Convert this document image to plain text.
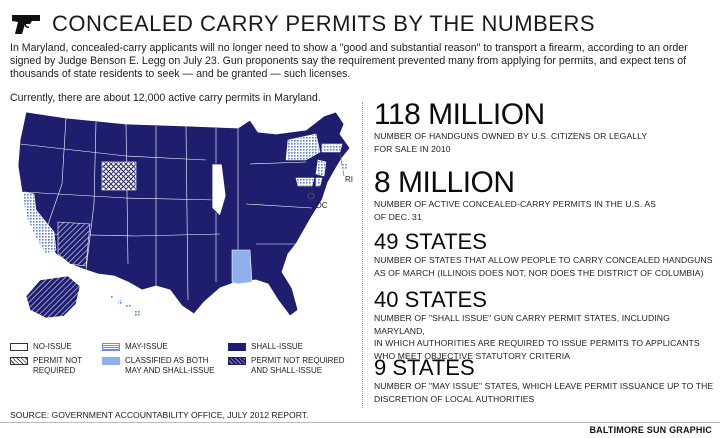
CONCEALED CARRY PERMITS BY THE NUMBERS

In Maryland, concealed-carry applicants will no longer need to show a "good and substantial reason" to transport a firearm, according to an order signed by Judge Benson E. Legg on July 23. Gun proponents say the requirement prevented many from applying for permits, and expect tens of thousands of state residents to seek — and be granted — such licenses.

Currently, there are about 12,000 active carry permits in Maryland.

RI
DC
NO-ISSUE
PERMIT NOT
REQUIRED
MAY-ISSUE
CLASSIFIED AS BOTH
MAY AND SHALL-ISSUE
SHALL-ISSUE
PERMIT NOT REQUIRED
AND SHALL-ISSUE
118 MILLION
NUMBER OF HANDGUNS OWNED BY U.S. CITIZENS OR LEGALLY
FOR SALE IN 2010
8 MILLION
NUMBER OF ACTIVE CONCEALED-CARRY PERMITS IN THE U.S. AS
OF DEC. 31
49 STATES
NUMBER OF STATES THAT ALLOW PEOPLE TO CARRY CONCEALED HANDGUNS
AS OF MARCH (ILLINOIS DOES NOT, NOR DOES THE DISTRICT OF COLUMBIA)
40 STATES
NUMBER OF "SHALL ISSUE" GUN CARRY PERMIT STATES, INCLUDING MARYLAND,
IN WHICH AUTHORITIES ARE REQUIRED TO ISSUE PERMITS TO APPLICANTS
WHO MEET OBJECTIVE STATUTORY CRITERIA
9 STATES
NUMBER OF "MAY ISSUE" STATES, WHICH LEAVE PERMIT ISSUANCE UP TO THE
DISCRETION OF LOCAL AUTHORITIES
SOURCE: GOVERNMENT ACCOUNTABILITY OFFICE, JULY 2012 REPORT.
BALTIMORE SUN GRAPHIC
